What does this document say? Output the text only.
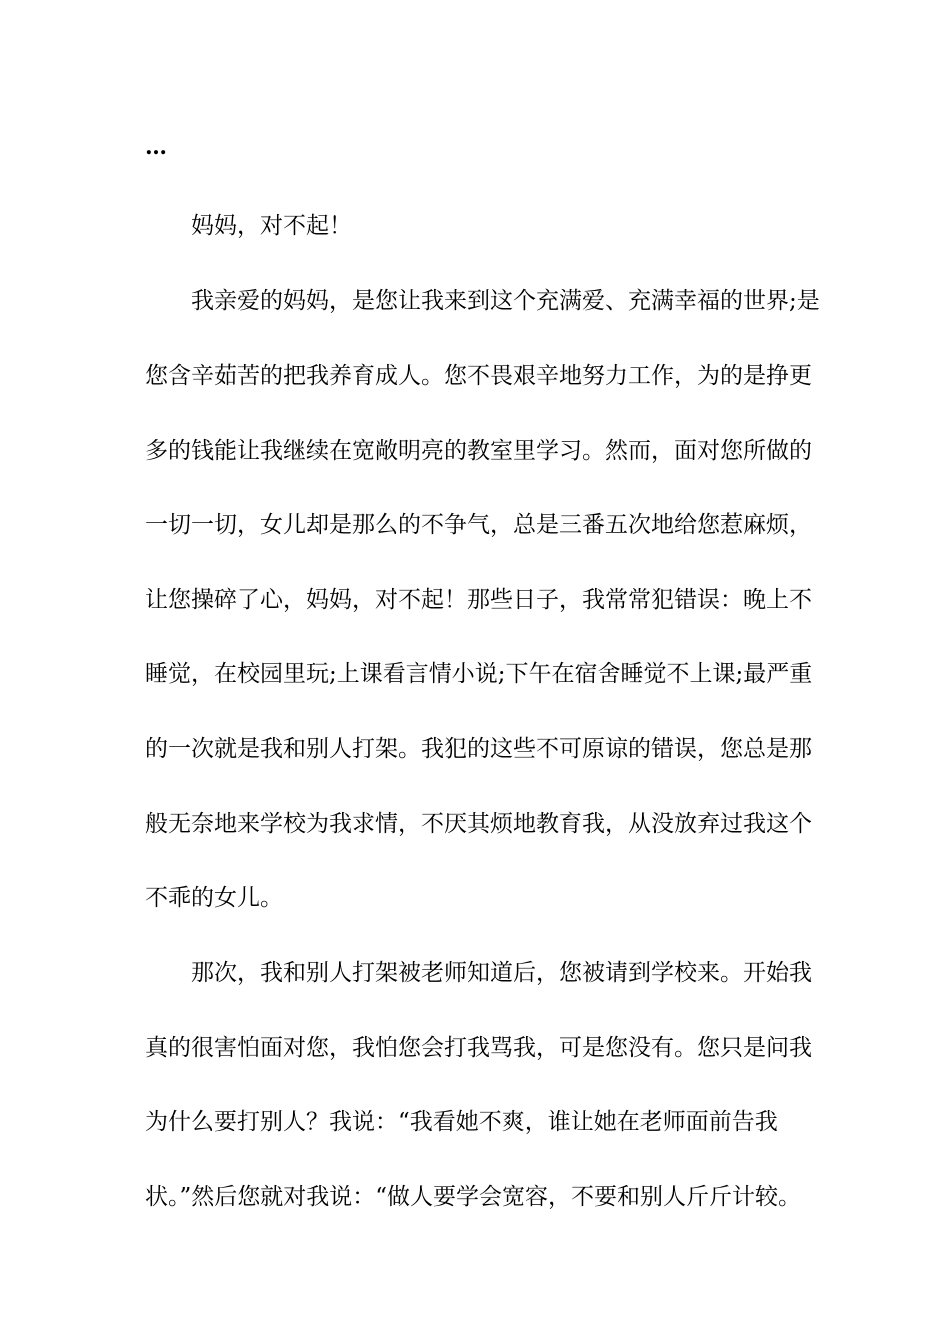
…
妈妈，对不起！
我亲爱的妈妈，是您让我来到这个充满爱、充满幸福的世界;是
您含辛茹苦的把我养育成人。您不畏艰辛地努力工作，为的是挣更
多的钱能让我继续在宽敞明亮的教室里学习。然而，面对您所做的
一切一切，女儿却是那么的不争气，总是三番五次地给您惹麻烦，
让您操碎了心，妈妈，对不起！那些日子，我常常犯错误：晚上不
睡觉，在校园里玩;上课看言情小说;下午在宿舍睡觉不上课;最严重
的一次就是我和别人打架。我犯的这些不可原谅的错误，您总是那
般无奈地来学校为我求情，不厌其烦地教育我，从没放弃过我这个
不乖的女儿。
那次，我和别人打架被老师知道后，您被请到学校来。开始我
真的很害怕面对您，我怕您会打我骂我，可是您没有。您只是问我
为什么要打别人？我说：“我看她不爽，谁让她在老师面前告我
状。”然后您就对我说：“做人要学会宽容，不要和别人斤斤计较。
